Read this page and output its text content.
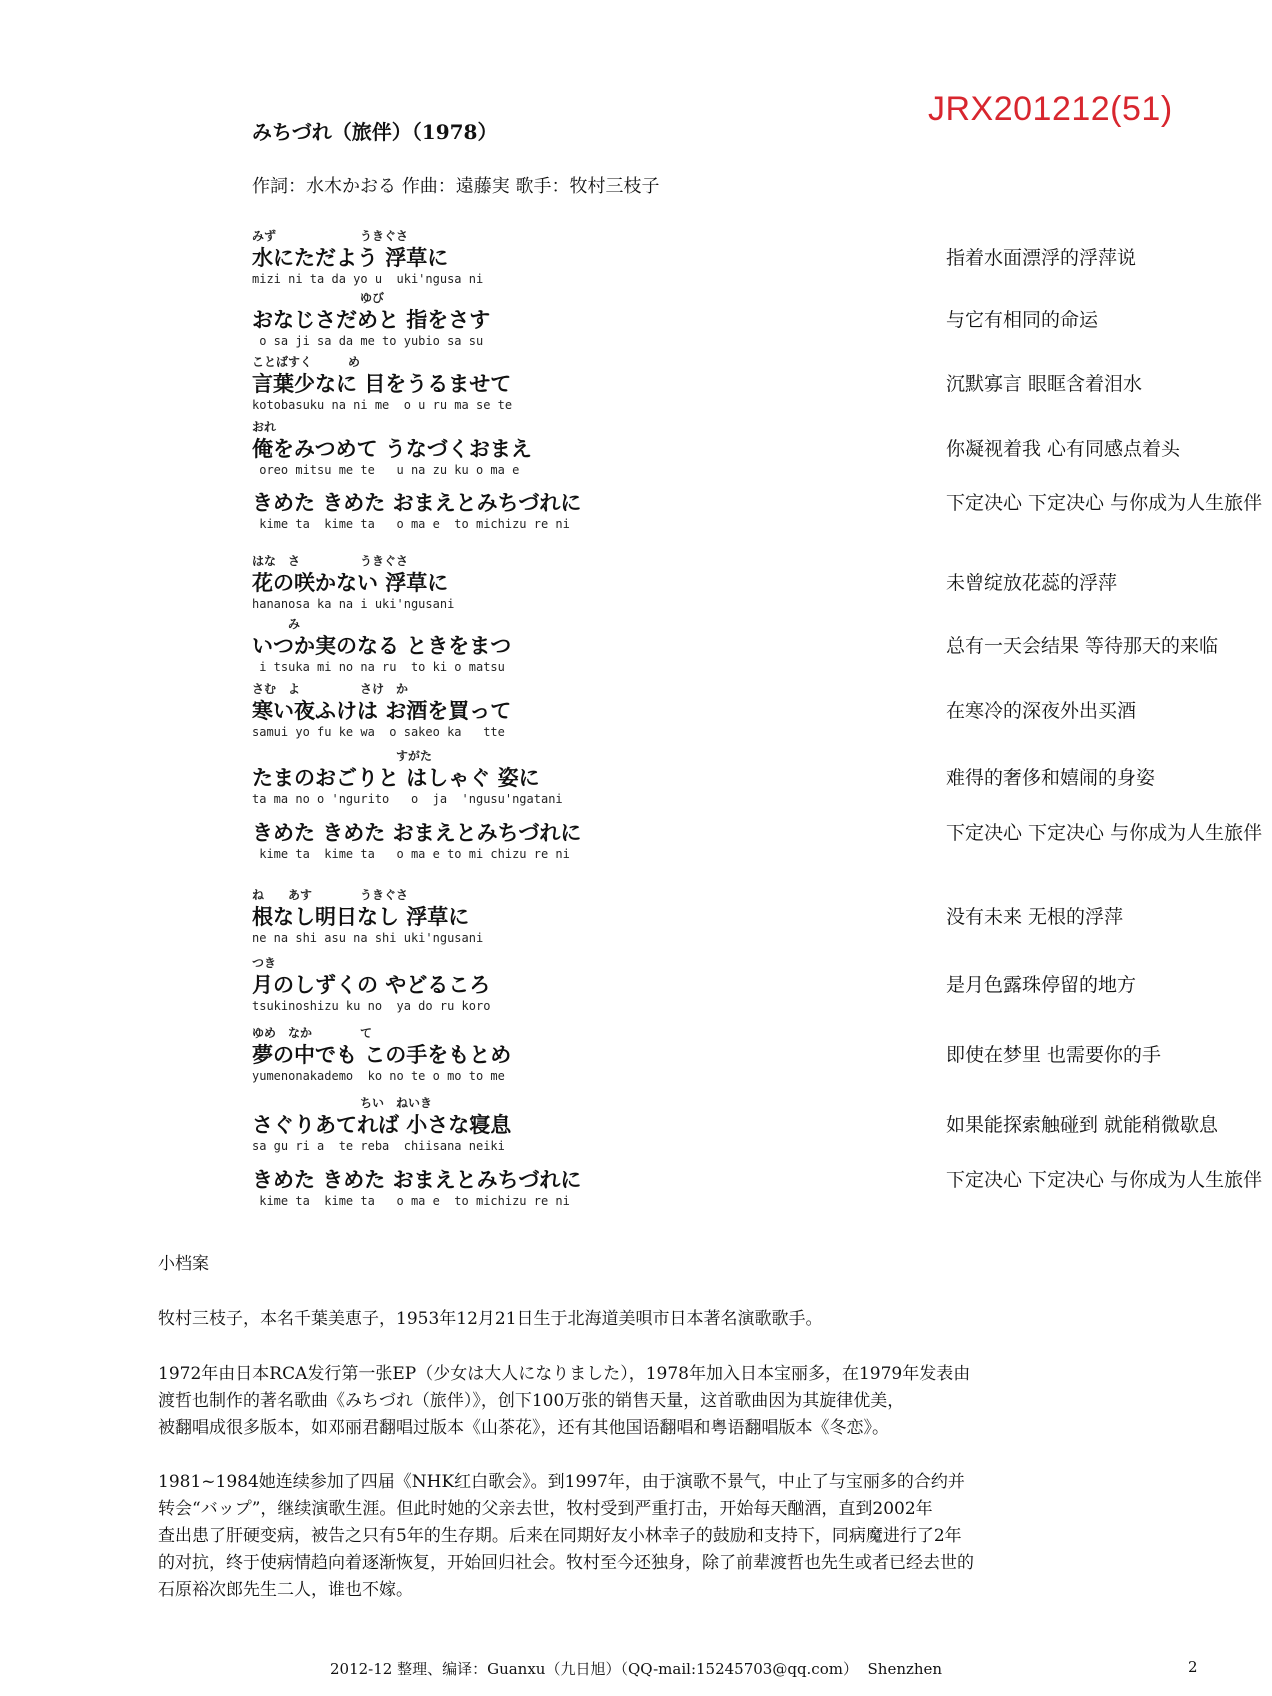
JRX201212(51)
みちづれ（旅伴）（1978）
作詞：水木かおる 作曲：遠藤実 歌手：牧村三枝子
みず　　　　　　　うきぐさ
水にただよう 浮草に
mizi ni ta da yo u  uki'ngusa ni
指着水面漂浮的浮萍说
　　　　　　　　　ゆび
おなじさだめと 指をさす
o sa ji sa da me to yubio sa su
与它有相同的命运
ことばすく　　　め
言葉少なに 目をうるませて
kotobasuku na ni me  o u ru ma se te
沉默寡言 眼眶含着泪水
おれ
俺をみつめて うなづくおまえ
oreo mitsu me te   u na zu ku o ma e
你凝视着我 心有同感点着头
きめた きめた おまえとみちづれに
kime ta  kime ta   o ma e  to michizu re ni
下定决心 下定决心 与你成为人生旅伴
はな　さ　　　　　うきぐさ
花の咲かない 浮草に
hananosa ka na i uki'ngusani
未曾绽放花蕊的浮萍
　　　み
いつか実のなる ときをまつ
i tsuka mi no na ru  to ki o matsu
总有一天会结果 等待那天的来临
さむ　よ　　　　　さけ　か
寒い夜ふけは お酒を買って
samui yo fu ke wa  o sakeo ka   tte
在寒冷的深夜外出买酒
　　　　　　　　　　　　すがた
たまのおごりと はしゃぐ 姿に
ta ma no o 'ngurito   o  ja  'ngusu'ngatani
难得的奢侈和嬉闹的身姿
きめた きめた おまえとみちづれに
kime ta  kime ta   o ma e to mi chizu re ni
下定决心 下定决心 与你成为人生旅伴
ね　　あす　　　　うきぐさ
根なし明日なし 浮草に
ne na shi asu na shi uki'ngusani
没有未来 无根的浮萍
つき
月のしずくの やどるころ
tsukinoshizu ku no  ya do ru koro
是月色露珠停留的地方
ゆめ　なか　　　　て
夢の中でも この手をもとめ
yumenonakademo  ko no te o mo to me
即使在梦里 也需要你的手
　　　　　　　　　ちい　ねいき
さぐりあてれば 小さな寝息
sa gu ri a  te reba  chiisana neiki
如果能探索触碰到 就能稍微歇息
きめた きめた おまえとみちづれに
kime ta  kime ta   o ma e  to michizu re ni
下定决心 下定决心 与你成为人生旅伴
小档案
牧村三枝子，本名千葉美恵子，1953年12月21日生于北海道美唄市日本著名演歌歌手。
1972年由日本RCA发行第一张EP（少女は大人になりました），1978年加入日本宝丽多，在1979年发表由
渡哲也制作的著名歌曲《みちづれ（旅伴）》，创下100万张的销售天量，这首歌曲因为其旋律优美，
被翻唱成很多版本，如邓丽君翻唱过版本《山茶花》，还有其他国语翻唱和粤语翻唱版本《冬恋》。
1981~1984她连续参加了四届《NHK红白歌会》。到1997年，由于演歌不景气，中止了与宝丽多的合约并
转会“バップ”，继续演歌生涯。但此时她的父亲去世，牧村受到严重打击，开始每天酗酒，直到2002年
查出患了肝硬变病，被告之只有5年的生存期。后来在同期好友小林幸子的鼓励和支持下，同病魔进行了2年
的对抗，终于使病情趋向着逐渐恢复，开始回归社会。牧村至今还独身，除了前辈渡哲也先生或者已经去世的
石原裕次郎先生二人，谁也不嫁。
2012-12 整理、编译：Guanxu（九日旭）（QQ-mail:15245703@qq.com）  Shenzhen	2
